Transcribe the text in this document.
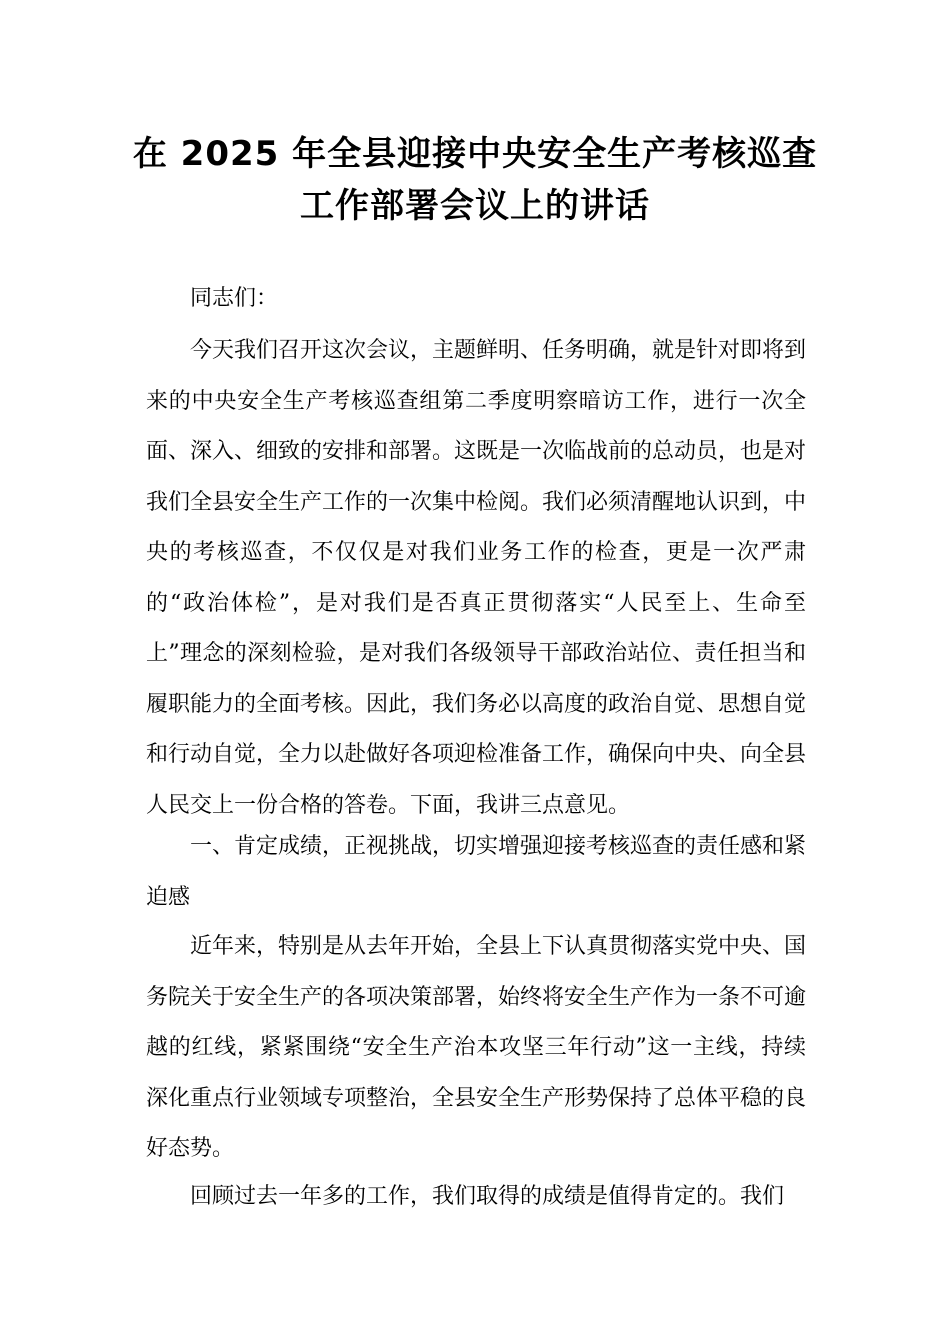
在 2025 年全县迎接中央安全生产考核巡查
工作部署会议上的讲话
同志们：

今天我们召开这次会议，主题鲜明、任务明确，就是针对即将到来的中央安全生产考核巡查组第二季度明察暗访工作，进行一次全面、深入、细致的安排和部署。这既是一次临战前的总动员，也是对我们全县安全生产工作的一次集中检阅。我们必须清醒地认识到，中央的考核巡查，不仅仅是对我们业务工作的检查，更是一次严肃的“政治体检”，是对我们是否真正贯彻落实“人民至上、生命至上”理念的深刻检验，是对我们各级领导干部政治站位、责任担当和履职能力的全面考核。因此，我们务必以高度的政治自觉、思想自觉和行动自觉，全力以赴做好各项迎检准备工作，确保向中央、向全县人民交上一份合格的答卷。下面，我讲三点意见。

一、肯定成绩，正视挑战，切实增强迎接考核巡查的责任感和紧迫感

近年来，特别是从去年开始，全县上下认真贯彻落实党中央、国务院关于安全生产的各项决策部署，始终将安全生产作为一条不可逾越的红线，紧紧围绕“安全生产治本攻坚三年行动”这一主线，持续深化重点行业领域专项整治，全县安全生产形势保持了总体平稳的良好态势。

回顾过去一年多的工作，我们取得的成绩是值得肯定的。我们
